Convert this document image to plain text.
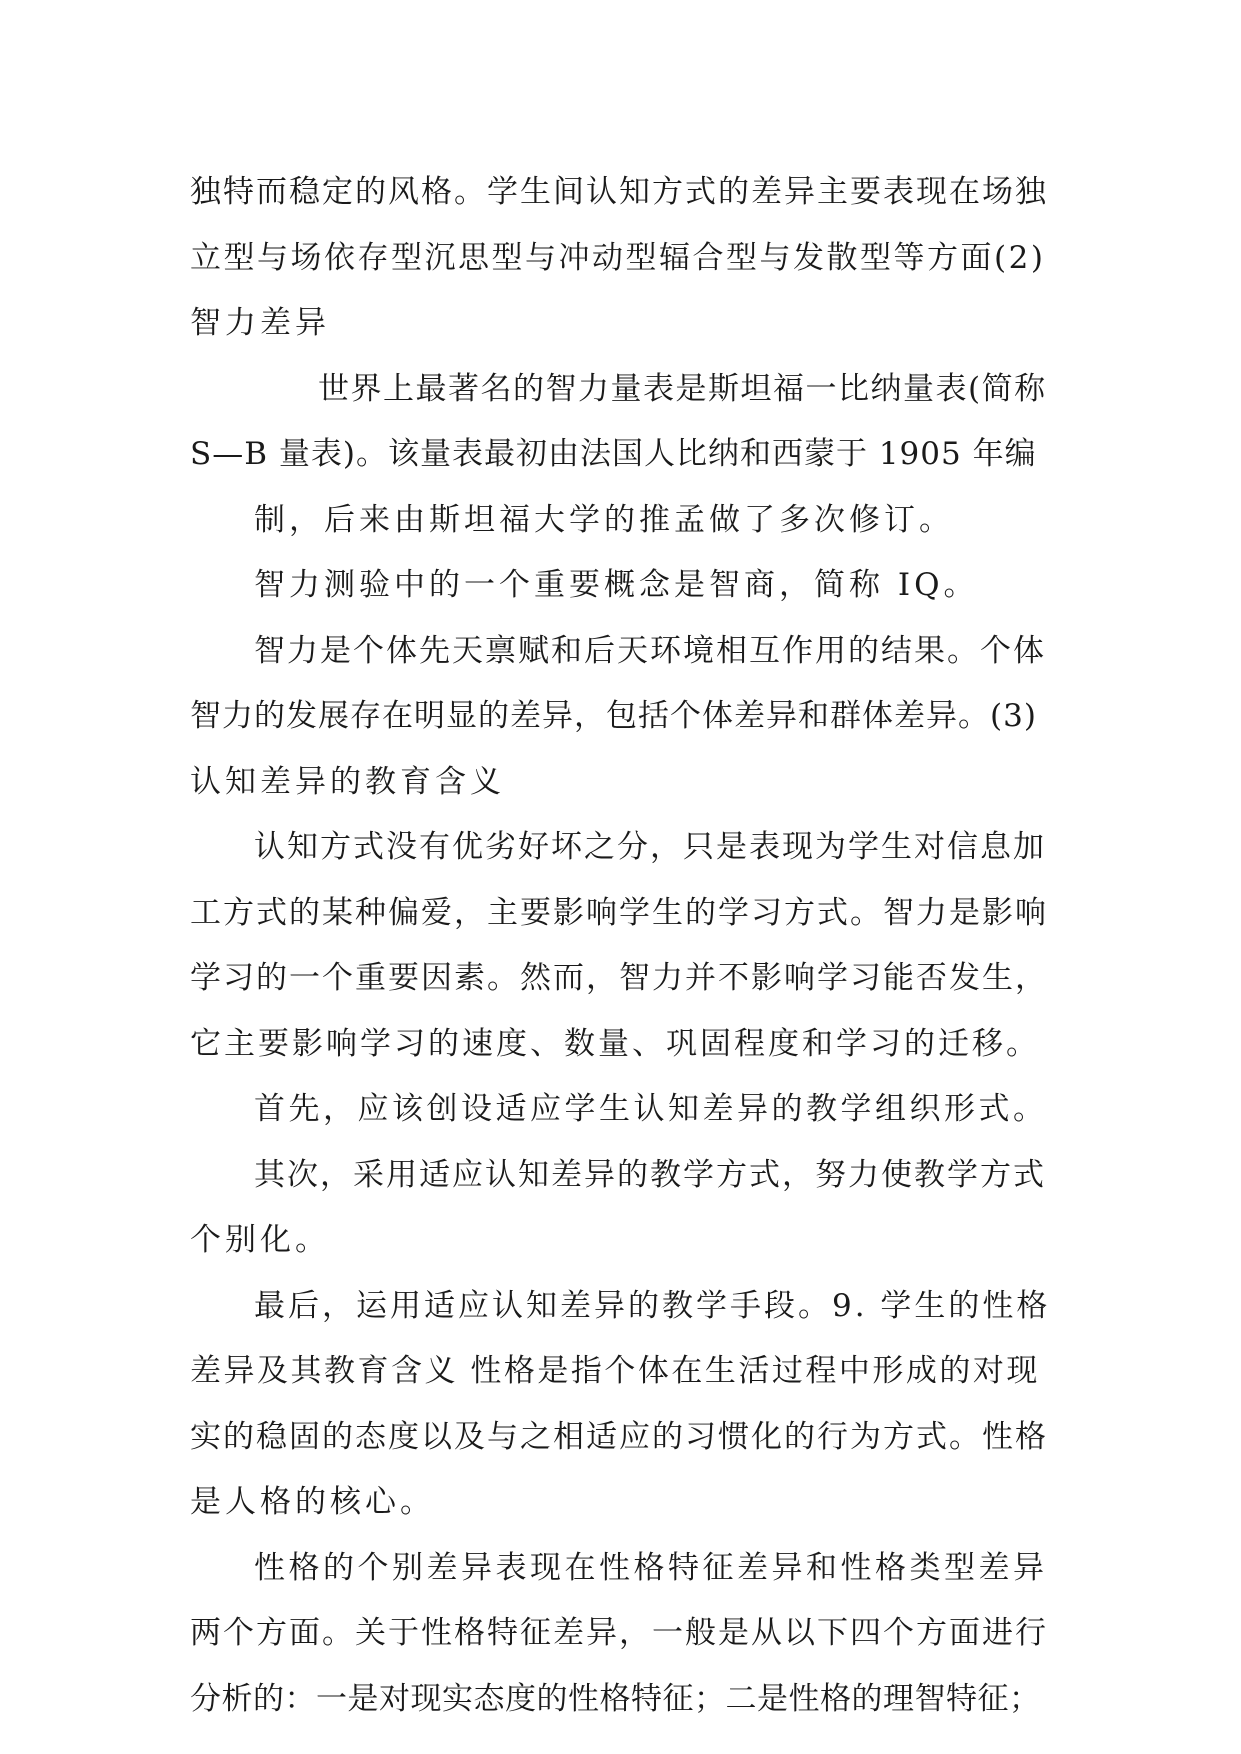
独特而稳定的风格。学生间认知方式的差异主要表现在场独
立型与场依存型沉思型与冲动型辐合型与发散型等方面(2)
智力差异
世界上最著名的智力量表是斯坦福一比纳量表(简称
S—B 量表)。该量表最初由法国人比纳和西蒙于 1905 年编
制，后来由斯坦福大学的推孟做了多次修订。
智力测验中的一个重要概念是智商，简称 IQ。
智力是个体先天禀赋和后天环境相互作用的结果。个体
智力的发展存在明显的差异，包括个体差异和群体差异。(3)
认知差异的教育含义
认知方式没有优劣好坏之分，只是表现为学生对信息加
工方式的某种偏爱，主要影响学生的学习方式。智力是影响
学习的一个重要因素。然而，智力并不影响学习能否发生，
它主要影响学习的速度、数量、巩固程度和学习的迁移。
首先，应该创设适应学生认知差异的教学组织形式。
其次，采用适应认知差异的教学方式，努力使教学方式
个别化。
最后，运用适应认知差异的教学手段。9. 学生的性格
差异及其教育含义 性格是指个体在生活过程中形成的对现
实的稳固的态度以及与之相适应的习惯化的行为方式。性格
是人格的核心。
性格的个别差异表现在性格特征差异和性格类型差异
两个方面。关于性格特征差异，一般是从以下四个方面进行
分析的：一是对现实态度的性格特征；二是性格的理智特征；
